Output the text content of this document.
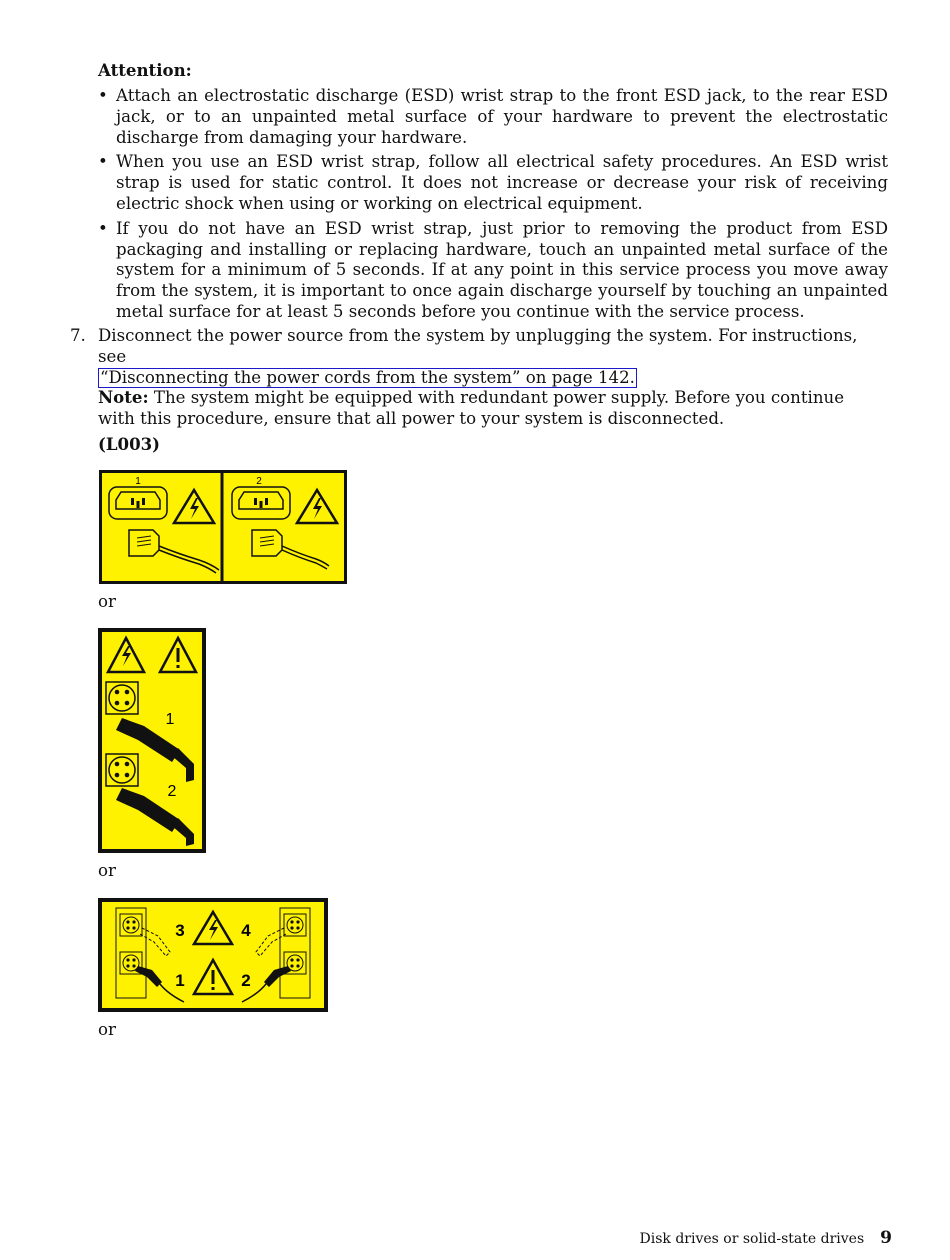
Attention:
• Attach an electrostatic discharge (ESD) wrist strap to the front ESD jack, to the rear ESD jack, or to an unpainted metal surface of your hardware to prevent the electrostatic discharge from damaging your hardware.
• When you use an ESD wrist strap, follow all electrical safety procedures. An ESD wrist strap is used for static control. It does not increase or decrease your risk of receiving electric shock when using or working on electrical equipment.
• If you do not have an ESD wrist strap, just prior to removing the product from ESD packaging and installing or replacing hardware, touch an unpainted metal surface of the system for a minimum of 5 seconds. If at any point in this service process you move away from the system, it is important to once again discharge yourself by touching an unpainted metal surface for at least 5 seconds before you continue with the service process.
7. Disconnect the power source from the system by unplugging the system. For instructions, see
“Disconnecting the power cords from the system” on page 142.
Note: The system might be equipped with redundant power supply. Before you continue with this procedure, ensure that all power to your system is disconnected.
(L003)
1	2
or
1
2
or
3	4
1	2
or
Disk drives or solid-state drives 9
